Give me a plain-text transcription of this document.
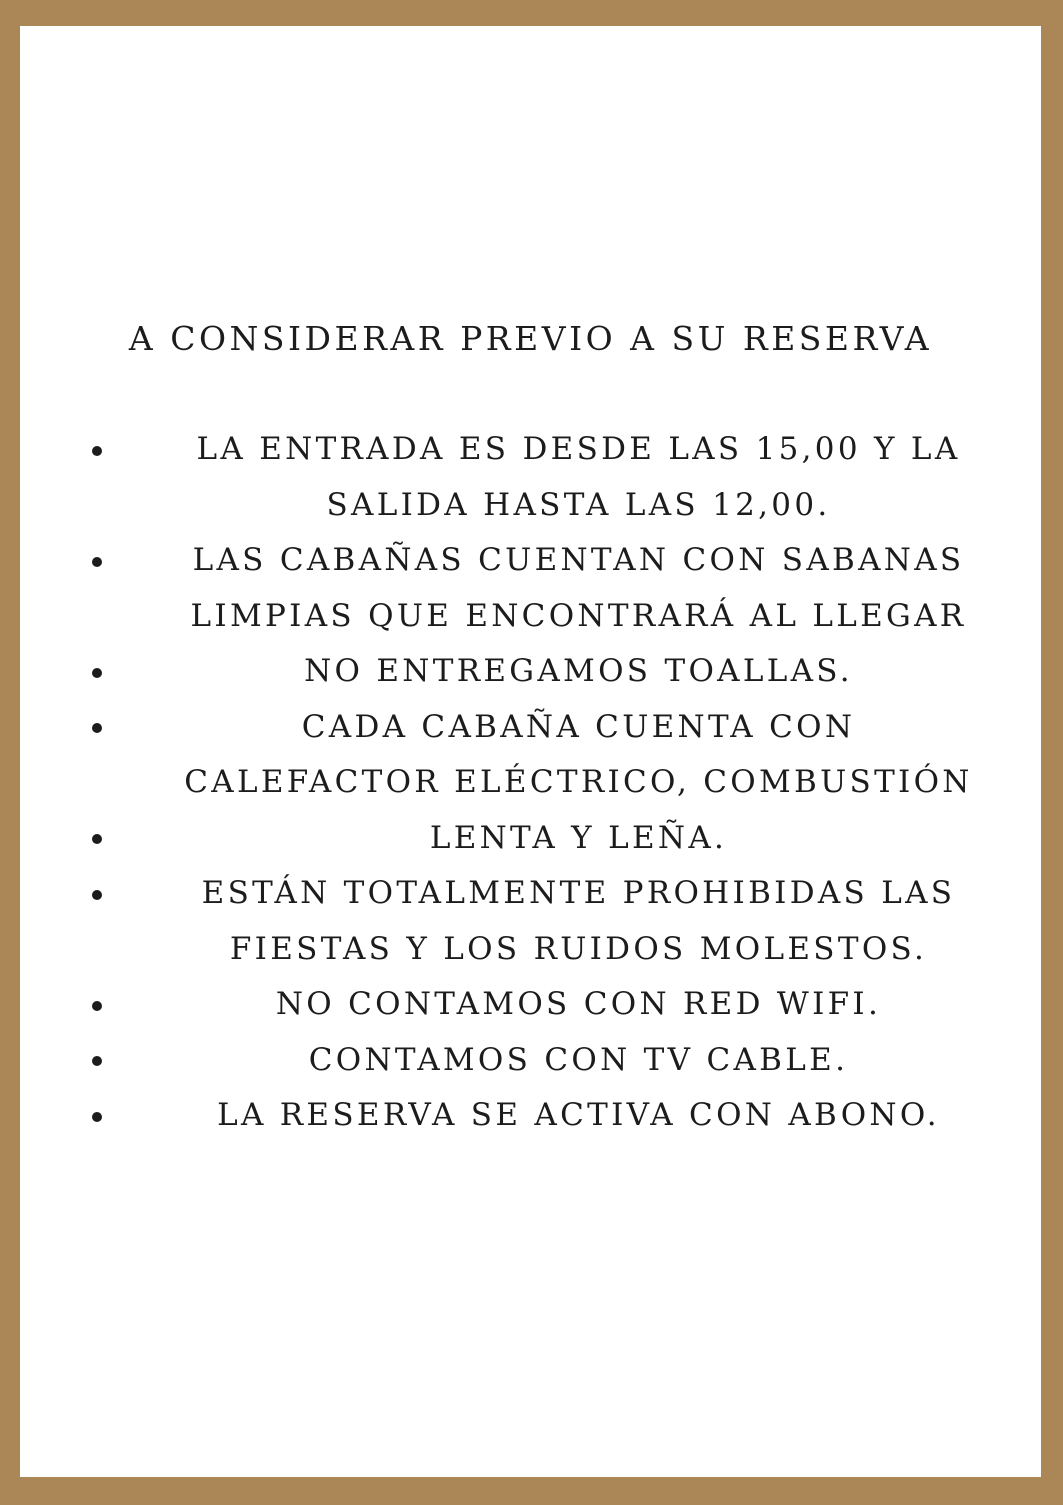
A CONSIDERAR PREVIO A SU RESERVA
LA ENTRADA ES DESDE LAS 15,00 Y LA
SALIDA HASTA LAS 12,00.
LAS CABAÑAS CUENTAN CON SABANAS
LIMPIAS QUE ENCONTRARÁ AL LLEGAR
NO ENTREGAMOS TOALLAS.
CADA CABAÑA CUENTA CON
CALEFACTOR ELÉCTRICO, COMBUSTIÓN
LENTA Y LEÑA.
ESTÁN TOTALMENTE PROHIBIDAS LAS
FIESTAS Y LOS RUIDOS MOLESTOS.
NO CONTAMOS CON RED WIFI.
CONTAMOS CON TV CABLE.
LA RESERVA SE ACTIVA CON ABONO.
